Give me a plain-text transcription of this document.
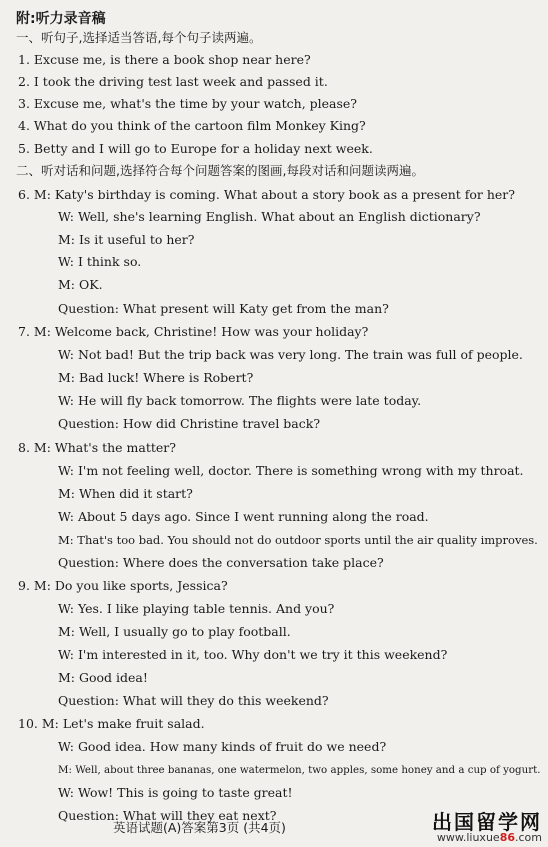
附:听力录音稿
一、听句子,选择适当答语,每个句子读两遍。
1. Excuse me, is there a book shop near here?
2. I took the driving test last week and passed it.
3. Excuse me, what's the time by your watch, please?
4. What do you think of the cartoon film Monkey King?
5. Betty and I will go to Europe for a holiday next week.
二、听对话和问题,选择符合每个问题答案的图画,每段对话和问题读两遍。
6. M: Katy's birthday is coming. What about a story book as a present for her?
W: Well, she's learning English. What about an English dictionary?
M: Is it useful to her?
W: I think so.
M: OK.
Question: What present will Katy get from the man?
7. M: Welcome back, Christine! How was your holiday?
W: Not bad! But the trip back was very long. The train was full of people.
M: Bad luck! Where is Robert?
W: He will fly back tomorrow. The flights were late today.
Question: How did Christine travel back?
8. M: What's the matter?
W: I'm not feeling well, doctor. There is something wrong with my throat.
M: When did it start?
W: About 5 days ago. Since I went running along the road.
M: That's too bad. You should not do outdoor sports until the air quality improves.
Question: Where does the conversation take place?
9. M: Do you like sports, Jessica?
W: Yes. I like playing table tennis. And you?
M: Well, I usually go to play football.
W: I'm interested in it, too. Why don't we try it this weekend?
M: Good idea!
Question: What will they do this weekend?
10. M: Let's make fruit salad.
W: Good idea. How many kinds of fruit do we need?
M: Well, about three bananas, one watermelon, two apples, some honey and a cup of yogurt.
W: Wow! This is going to taste great!
Question: What will they eat next?
英语试题(A)答案第3页 (共4页)	出国留学网
www.liuxue86.com
